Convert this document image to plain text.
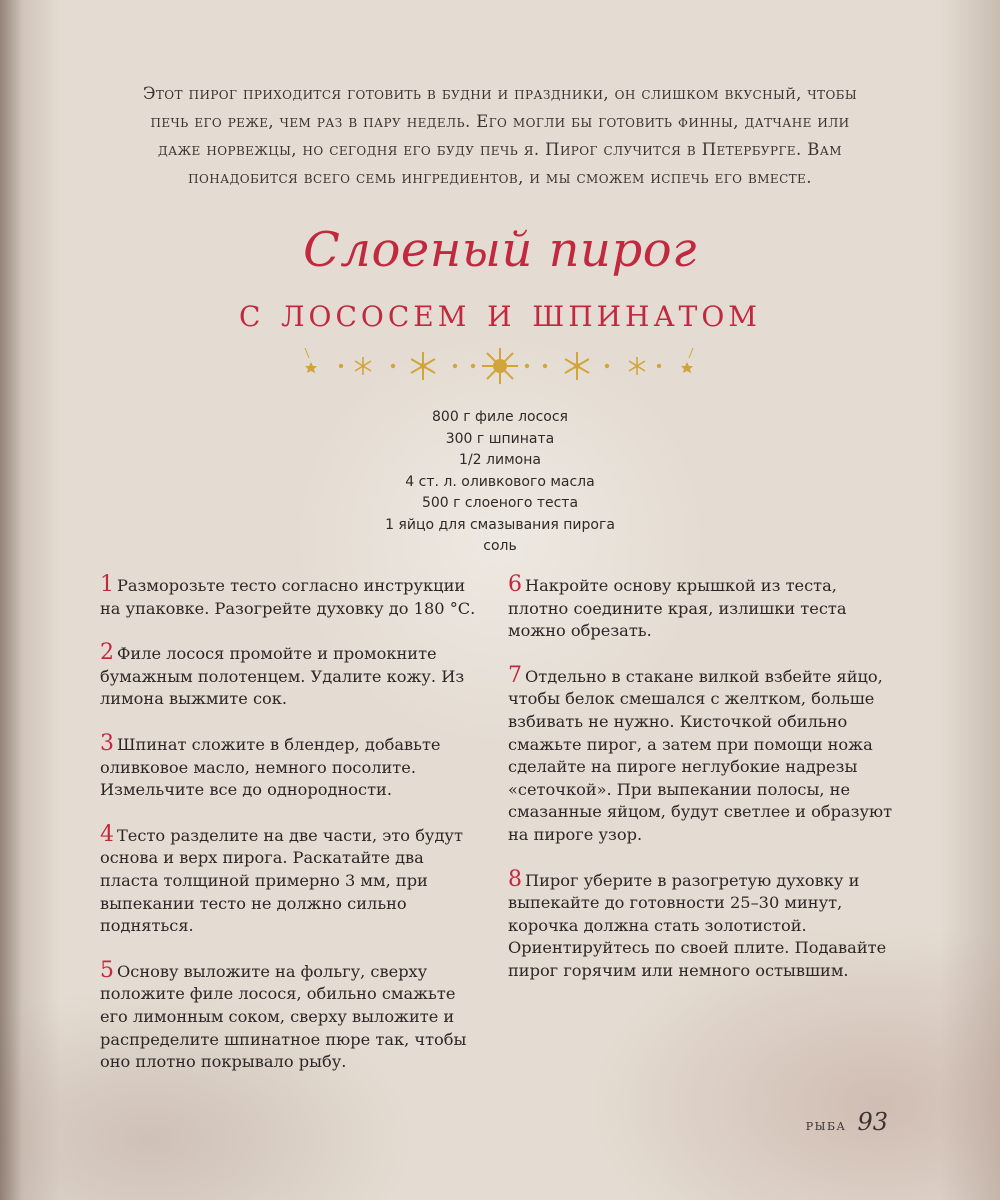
Этот пирог приходится готовить в будни и праздники, он слишком вкусный, чтобы печь его реже, чем раз в пару недель. Его могли бы готовить финны, датчане или даже норвежцы, но сегодня его буду печь я. Пирог случится в Петербурге. Вам понадобится всего семь ингредиентов, и мы сможем испечь его вместе.

Слоеный пирог
с лососем и шпинатом
800 г филе лосося
300 г шпината
1/2 лимона
4 ст. л. оливкового масла
500 г слоеного теста
1 яйцо для смазывания пирога
соль

1 Разморозьте тесто согласно инструкции на упаковке. Разогрейте духовку до 180 °С.

2 Филе лосося промойте и промокните бумажным полотенцем. Удалите кожу. Из лимона выжмите сок.

3 Шпинат сложите в блендер, добавьте оливковое масло, немного посолите. Измельчите все до однородности.

4 Тесто разделите на две части, это будут основа и верх пирога. Раскатайте два пласта толщиной примерно 3 мм, при выпекании тесто не должно сильно подняться.

5 Основу выложите на фольгу, сверху положите филе лосося, обильно смажьте его лимонным соком, сверху выложите и распределите шпинатное пюре так, чтобы оно плотно покрывало рыбу.

6 Накройте основу крышкой из теста, плотно соедините края, излишки теста можно обрезать.

7 Отдельно в стакане вилкой взбейте яйцо, чтобы белок смешался с желтком, больше взбивать не нужно. Кисточкой обильно смажьте пирог, а затем при помощи ножа сделайте на пироге неглубокие надрезы «сеточкой». При выпекании полосы, не смазанные яйцом, будут светлее и образуют на пироге узор.

8 Пирог уберите в разогретую духовку и выпекайте до готовности 25–30 минут, корочка должна стать золотистой. Ориентируйтесь по своей плите. Подавайте пирог горячим или немного остывшим.

рыба 93
